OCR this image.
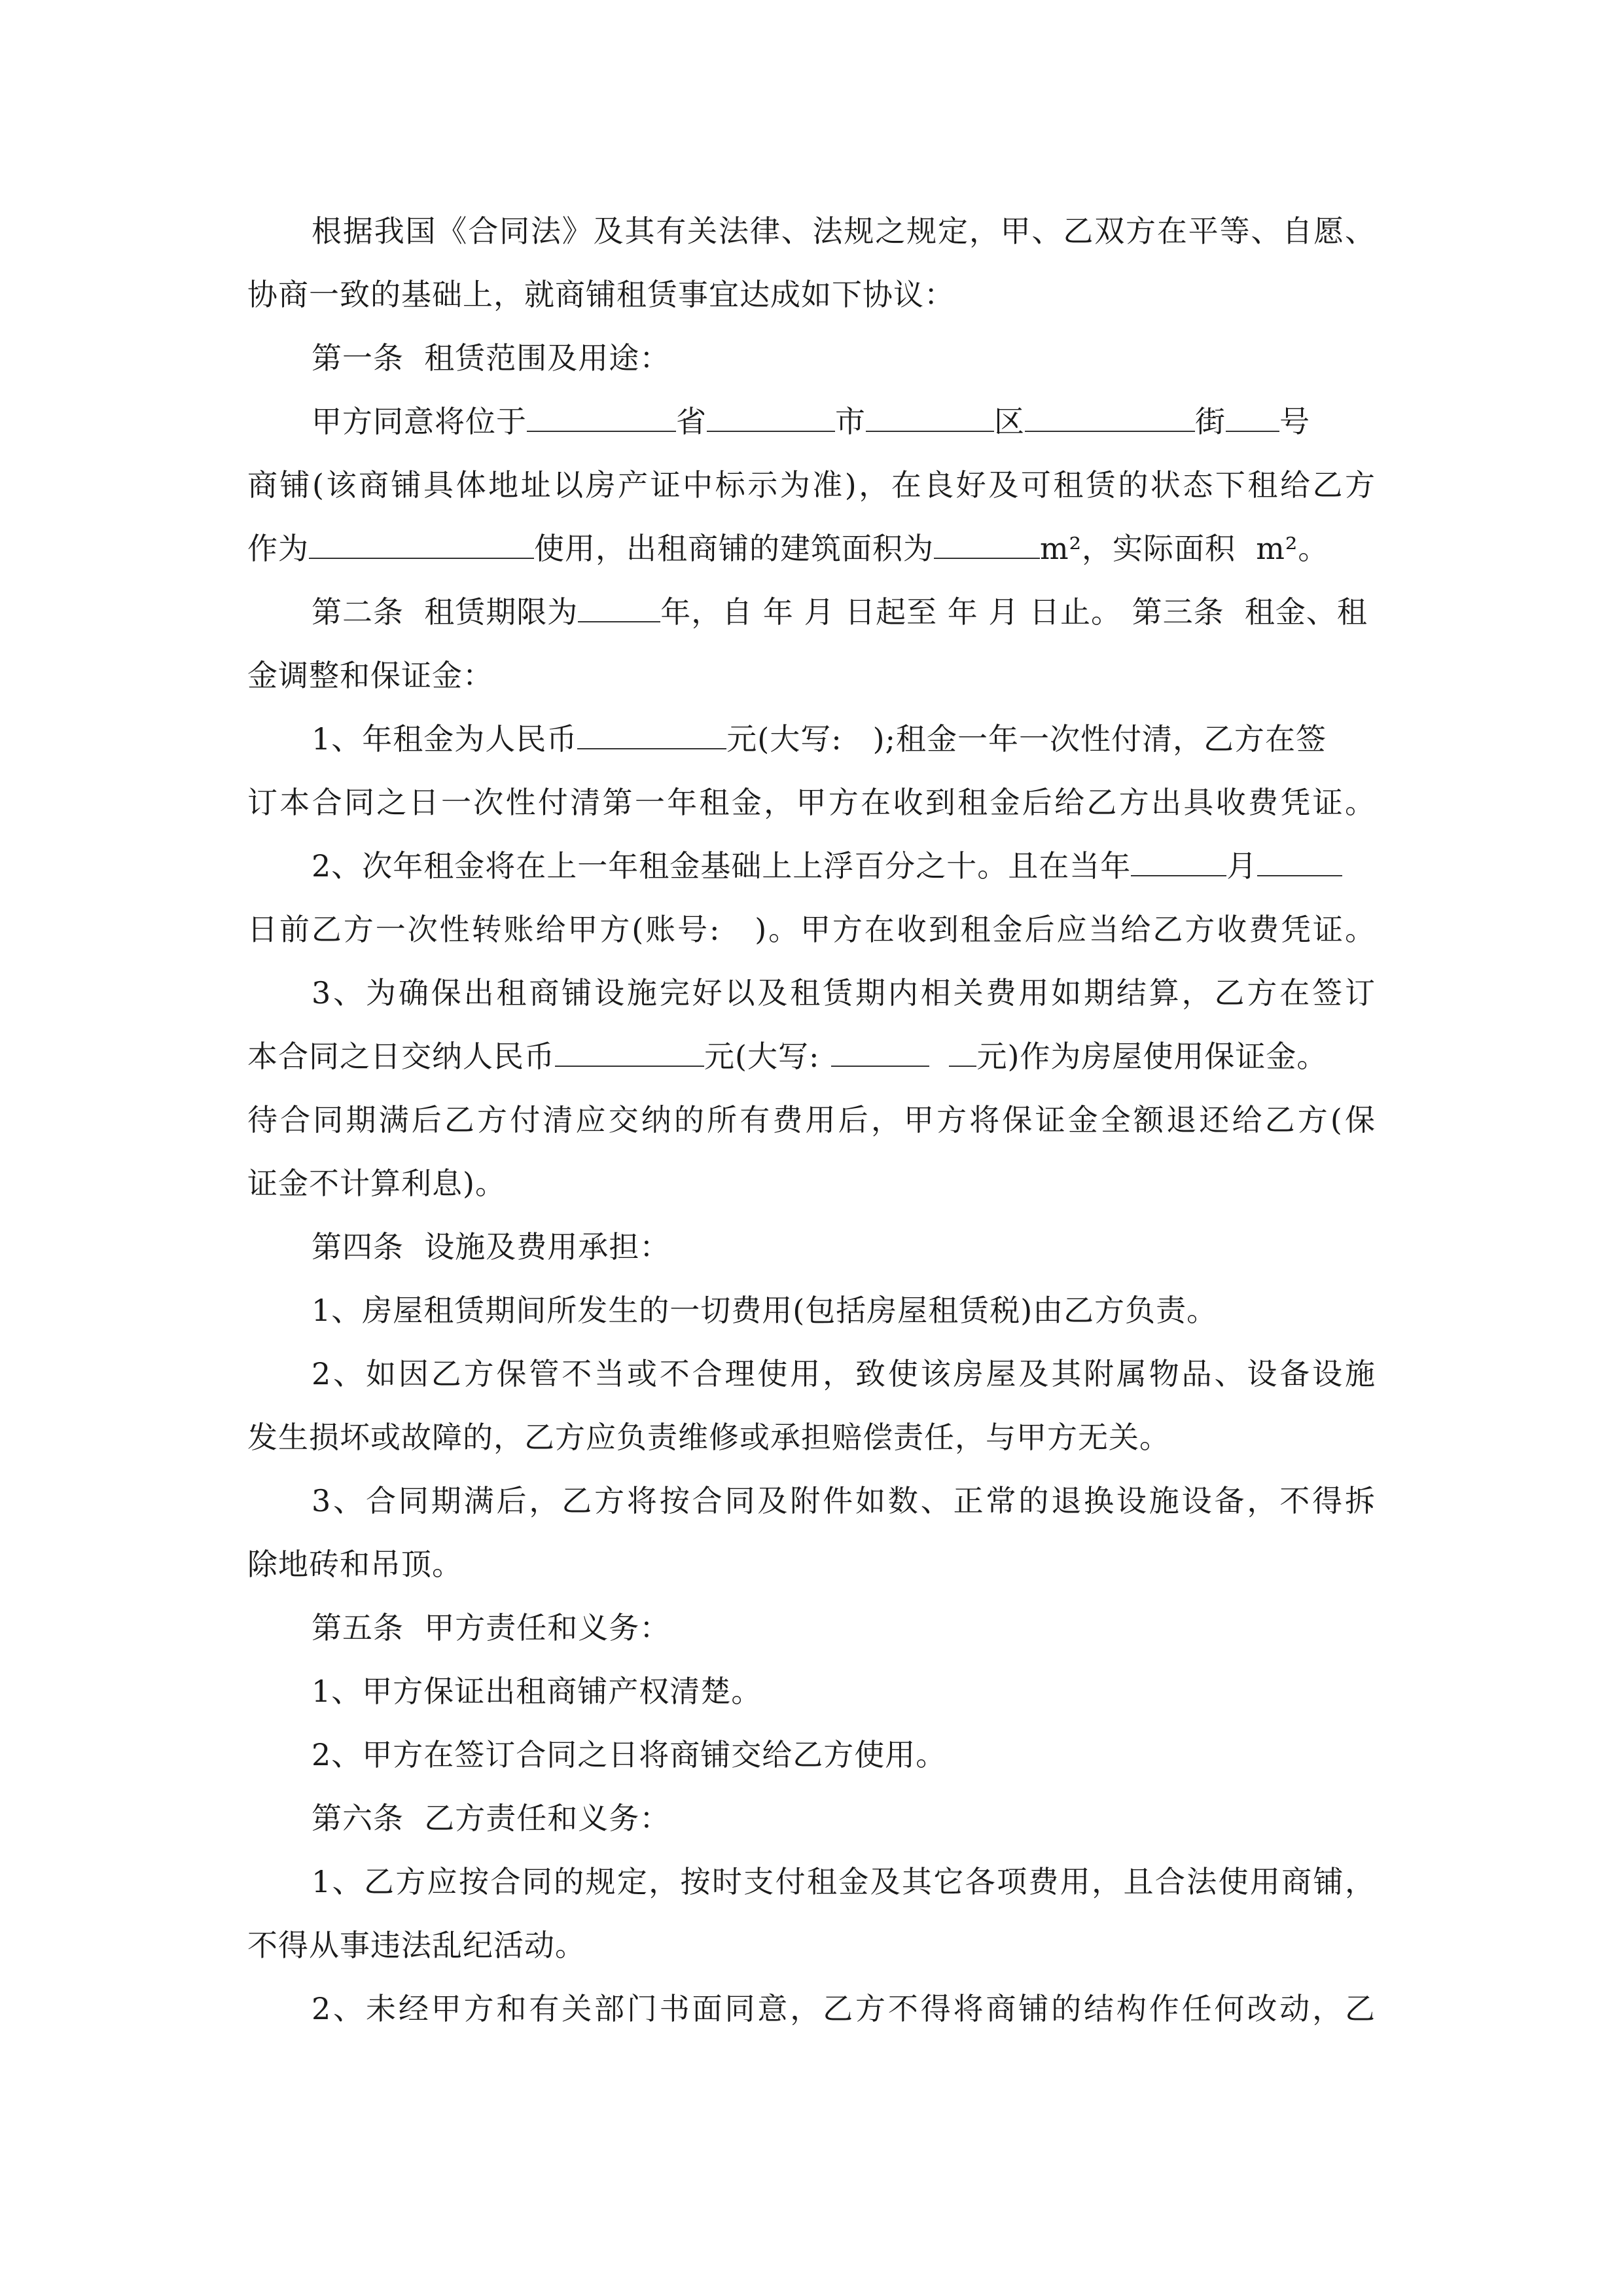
根据我国《合同法》及其有关法律、法规之规定，甲、乙双方在平等、自愿、
协商一致的基础上，就商铺租赁事宜达成如下协议：
第一条  租赁范围及用途：
甲方同意将位于	省	市	区	街 号
商铺(该商铺具体地址以房产证中标示为准)，在良好及可租赁的状态下租给乙方
作为	使用，出租商铺的建筑面积为	m²，实际面积  m²。
第二条  租赁期限为	年，自 年 月 日起至 年 月 日止。 第三条  租金、租
金调整和保证金：
1、年租金为人民币	元(大写:   );租金一年一次性付清，乙方在签
订本合同之日一次性付清第一年租金，甲方在收到租金后给乙方出具收费凭证。
2、次年租金将在上一年租金基础上上浮百分之十。且在当年	月
日前乙方一次性转账给甲方(账号:   )。甲方在收到租金后应当给乙方收费凭证。
3、为确保出租商铺设施完好以及租赁期内相关费用如期结算，乙方在签订
本合同之日交纳人民币	元(大写:	元)作为房屋使用保证金。
待合同期满后乙方付清应交纳的所有费用后，甲方将保证金全额退还给乙方(保
证金不计算利息)。
第四条  设施及费用承担：
1、房屋租赁期间所发生的一切费用(包括房屋租赁税)由乙方负责。
2、如因乙方保管不当或不合理使用，致使该房屋及其附属物品、设备设施
发生损坏或故障的，乙方应负责维修或承担赔偿责任，与甲方无关。
3、合同期满后，乙方将按合同及附件如数、正常的退换设施设备，不得拆
除地砖和吊顶。
第五条  甲方责任和义务：
1、甲方保证出租商铺产权清楚。
2、甲方在签订合同之日将商铺交给乙方使用。
第六条  乙方责任和义务：
1、乙方应按合同的规定，按时支付租金及其它各项费用，且合法使用商铺，
不得从事违法乱纪活动。
2、未经甲方和有关部门书面同意，乙方不得将商铺的结构作任何改动，乙
